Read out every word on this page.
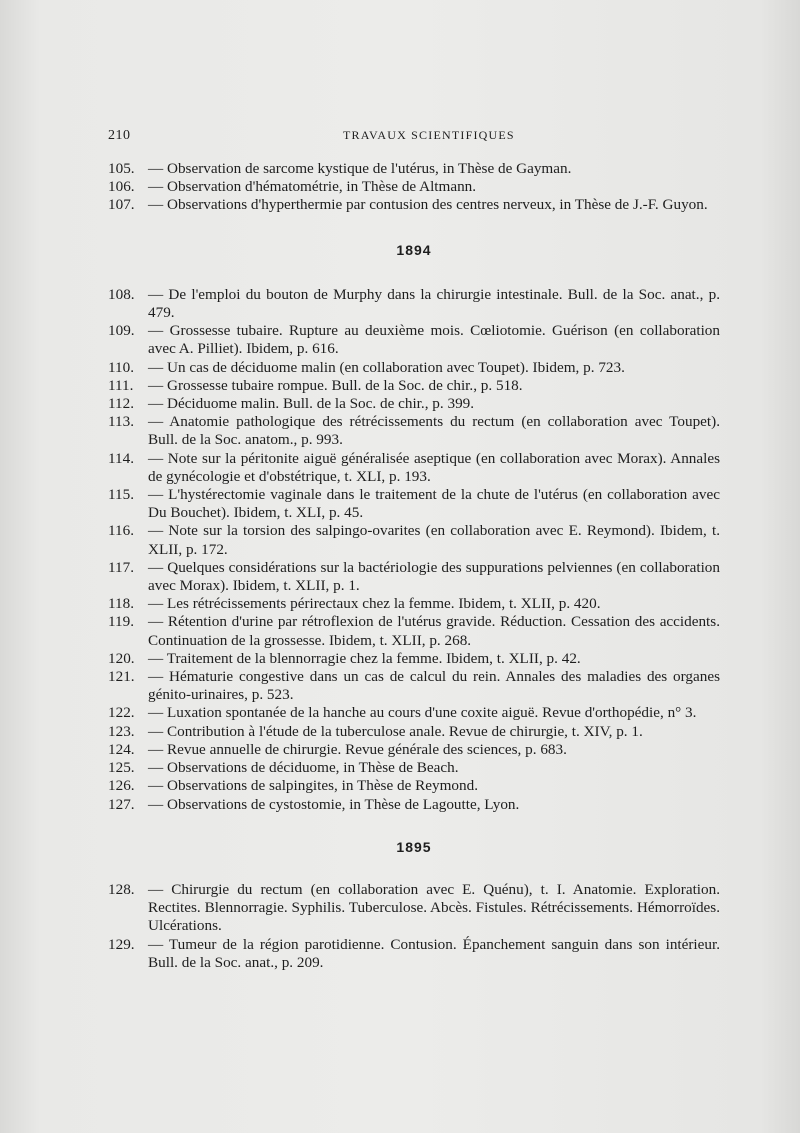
210	TRAVAUX SCIENTIFIQUES
105. — Observation de sarcome kystique de l'utérus, in Thèse de Gayman.
106. — Observation d'hématométrie, in Thèse de Altmann.
107. — Observations d'hyperthermie par contusion des centres nerveux, in Thèse de J.-F. Guyon.
1894
108. — De l'emploi du bouton de Murphy dans la chirurgie intestinale. Bull. de la Soc. anat., p. 479.
109. — Grossesse tubaire. Rupture au deuxième mois. Cœliotomie. Guérison (en collaboration avec A. Pilliet). Ibidem, p. 616.
110. — Un cas de déciduome malin (en collaboration avec Toupet). Ibidem, p. 723.
111. — Grossesse tubaire rompue. Bull. de la Soc. de chir., p. 518.
112. — Déciduome malin. Bull. de la Soc. de chir., p. 399.
113. — Anatomie pathologique des rétrécissements du rectum (en collaboration avec Toupet). Bull. de la Soc. anatom., p. 993.
114. — Note sur la péritonite aiguë généralisée aseptique (en collaboration avec Morax). Annales de gynécologie et d'obstétrique, t. XLI, p. 193.
115. — L'hystérectomie vaginale dans le traitement de la chute de l'utérus (en collaboration avec Du Bouchet). Ibidem, t. XLI, p. 45.
116. — Note sur la torsion des salpingo-ovarites (en collaboration avec E. Reymond). Ibidem, t. XLII, p. 172.
117. — Quelques considérations sur la bactériologie des suppurations pelviennes (en collaboration avec Morax). Ibidem, t. XLII, p. 1.
118. — Les rétrécissements périrectaux chez la femme. Ibidem, t. XLII, p. 420.
119. — Rétention d'urine par rétroflexion de l'utérus gravide. Réduction. Cessation des accidents. Continuation de la grossesse. Ibidem, t. XLII, p. 268.
120. — Traitement de la blennorragie chez la femme. Ibidem, t. XLII, p. 42.
121. — Hématurie congestive dans un cas de calcul du rein. Annales des maladies des organes génito-urinaires, p. 523.
122. — Luxation spontanée de la hanche au cours d'une coxite aiguë. Revue d'orthopédie, n° 3.
123. — Contribution à l'étude de la tuberculose anale. Revue de chirurgie, t. XIV, p. 1.
124. — Revue annuelle de chirurgie. Revue générale des sciences, p. 683.
125. — Observations de déciduome, in Thèse de Beach.
126. — Observations de salpingites, in Thèse de Reymond.
127. — Observations de cystostomie, in Thèse de Lagoutte, Lyon.
1895
128. — Chirurgie du rectum (en collaboration avec E. Quénu), t. I. Anatomie. Exploration. Rectites. Blennorragie. Syphilis. Tuberculose. Abcès. Fistules. Rétrécissements. Hémorroïdes. Ulcérations.
129. — Tumeur de la région parotidienne. Contusion. Épanchement sanguin dans son intérieur. Bull. de la Soc. anat., p. 209.
